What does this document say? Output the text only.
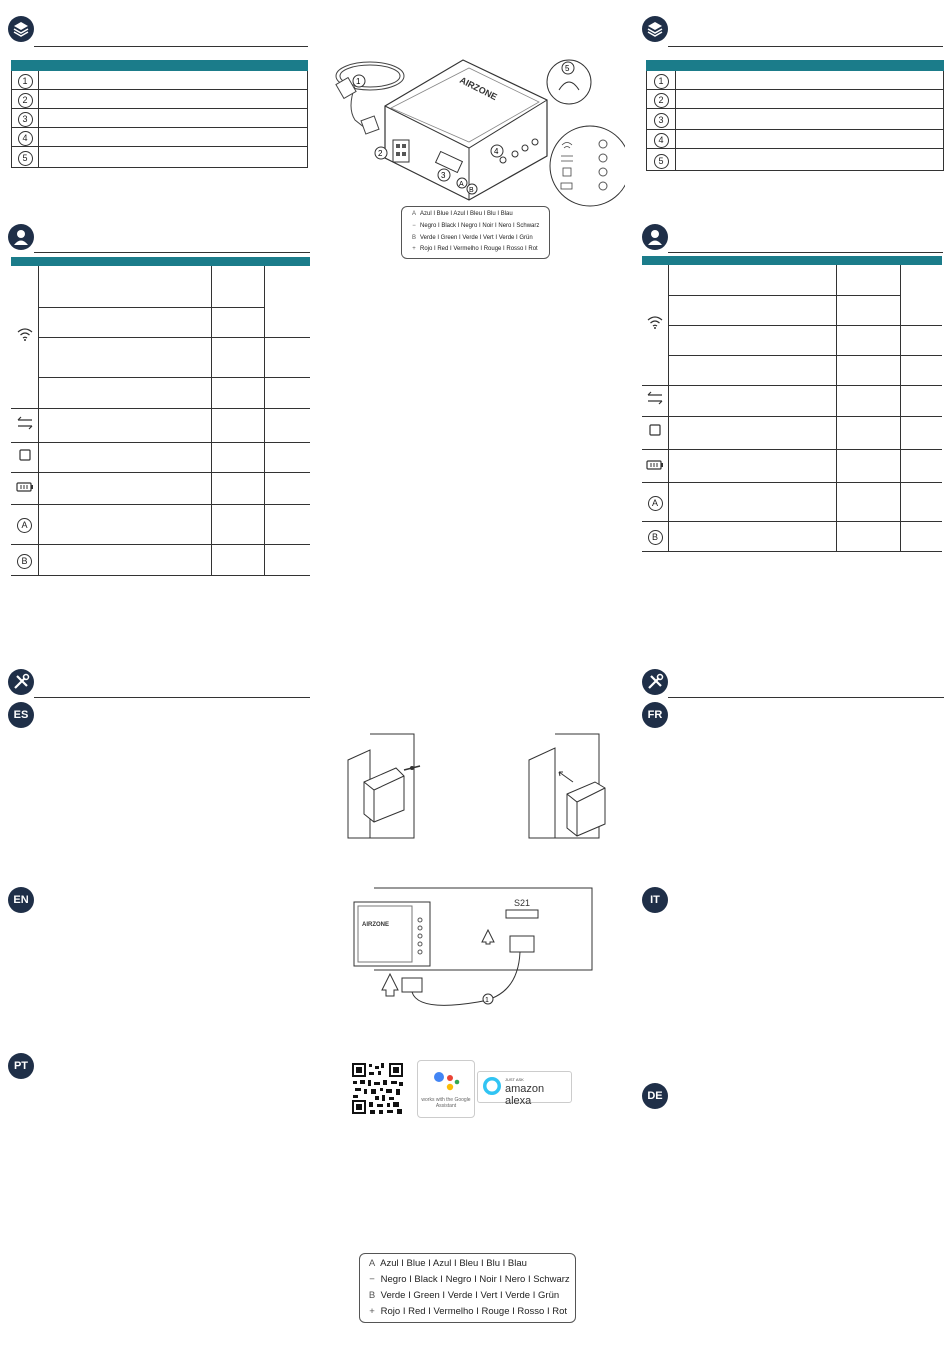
1	
2	
3	
4	
5	

1	
2	
3	
4	
5	
AIRZONE
1
2
3
4
A
B
5
A Azul I Blue I Azul I Bleu I Blu I Blau
− Negro I Black I Negro I Noir I Nero I Schwarz
B Verde I Green I Verde I Vert I Verde I Grün
+ Rojo I Red I Vermelho I Rouge I Rosso I Rot

A			
B			

A			
B			
ES
EN
PT
FR
IT
DE
AIRZONE
S21
1
works with the Google Assistant
JUST ASK
amazon alexa
A Azul I Blue I Azul I Bleu I Blu I Blau
− Negro I Black I Negro I Noir I Nero I Schwarz
B Verde I Green I Verde I Vert I Verde I Grün
+ Rojo I Red I Vermelho I Rouge I Rosso I Rot
